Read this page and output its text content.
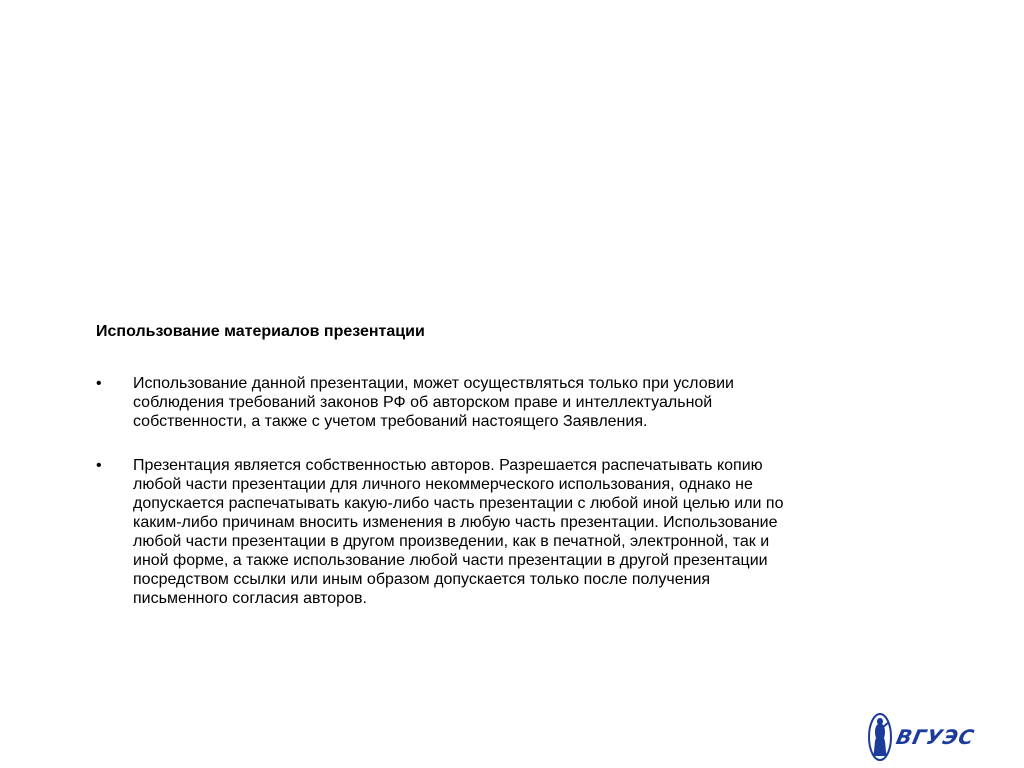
Использование материалов презентации
• Использование данной презентации, может осуществляться только при условии
соблюдения требований законов РФ об авторском праве и интеллектуальной
собственности, а также с учетом требований настоящего Заявления.
• Презентация является собственностью авторов. Разрешается распечатывать копию
любой части презентации для личного некоммерческого использования, однако не
допускается распечатывать какую-либо часть презентации с любой иной целью или по
каким-либо причинам вносить изменения в любую часть презентации. Использование
любой части презентации в другом произведении, как в печатной, электронной, так и
иной форме, а также использование любой части презентации в другой презентации
посредством ссылки или иным образом допускается только после получения
письменного согласия авторов.
ВГУЭС
